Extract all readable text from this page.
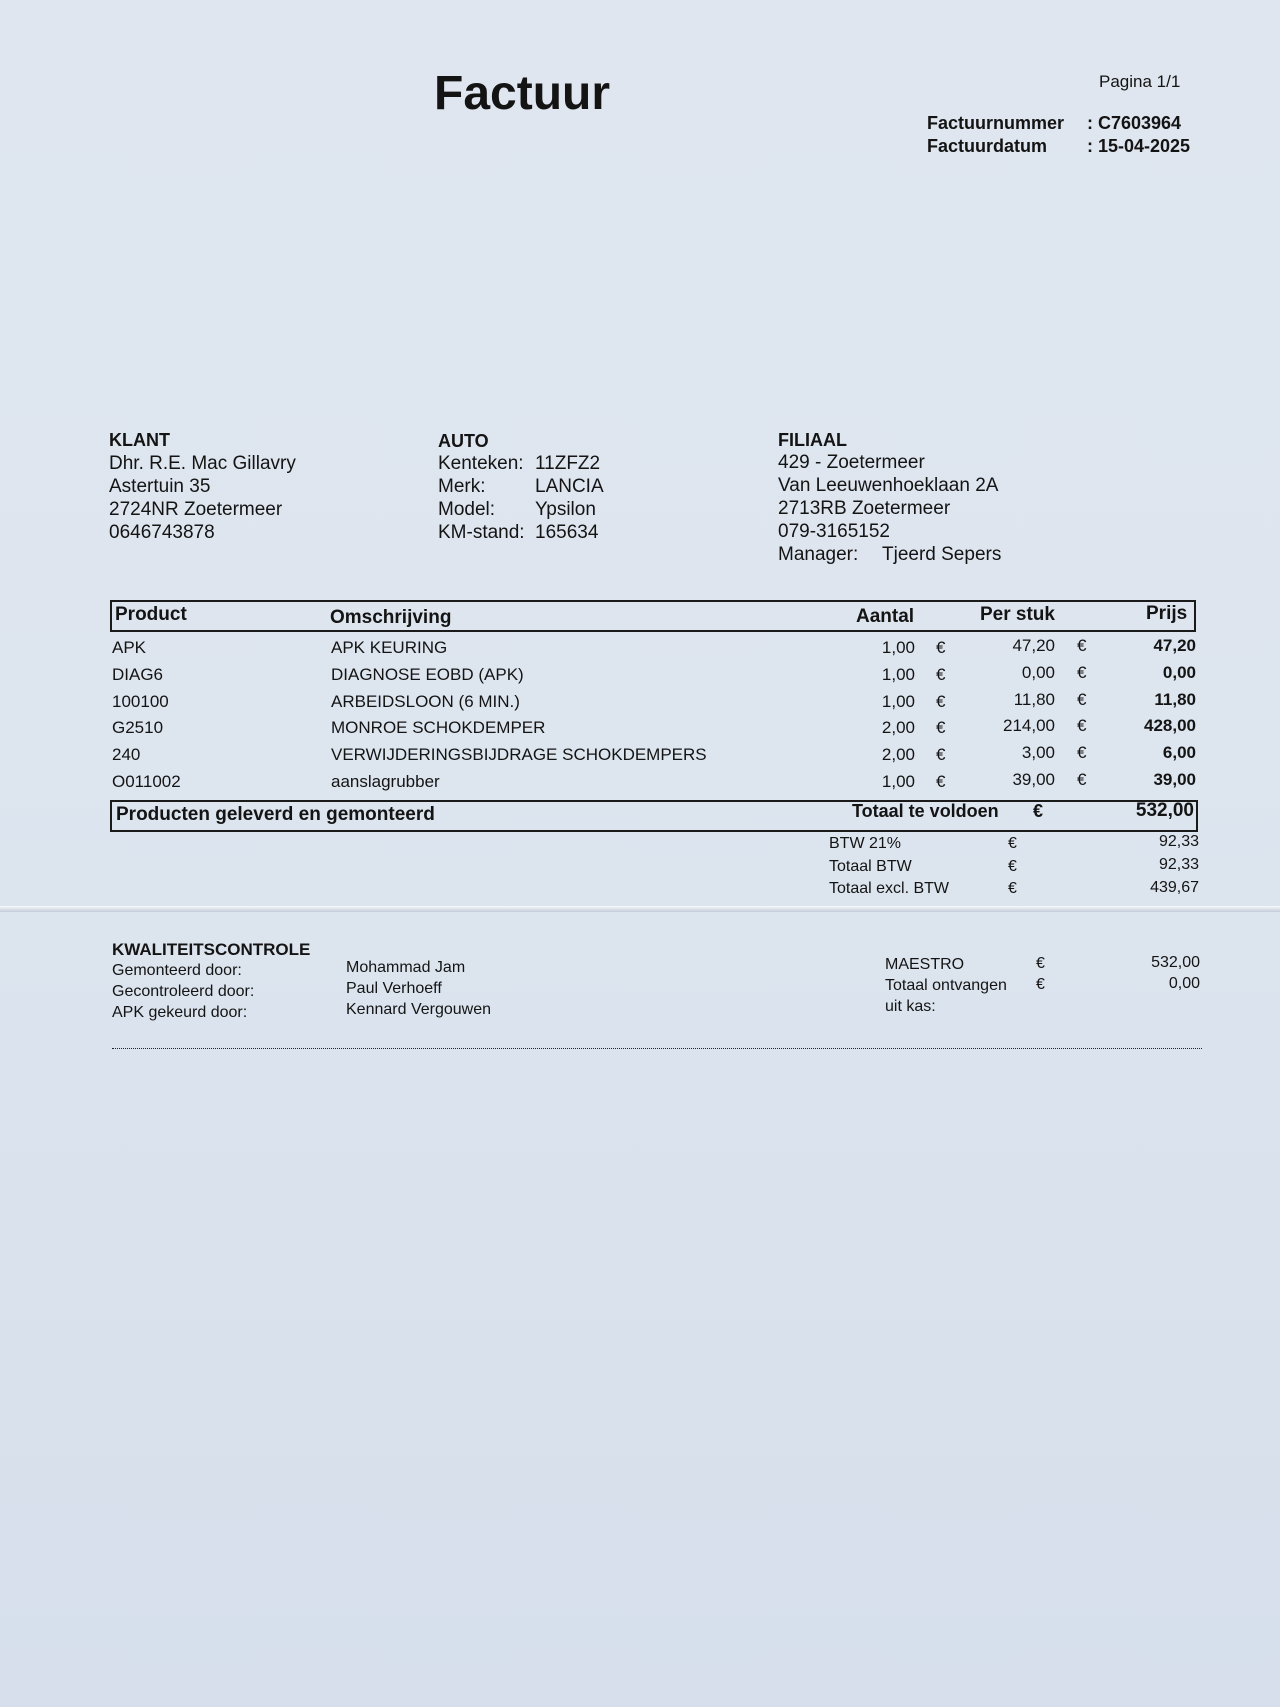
Factuur	Pagina 1/1
Factuurnummer : C7603964
Factuurdatum : 15-04-2025
KLANT
Dhr. R.E. Mac Gillavry
Astertuin 35
2724NR Zoetermeer
0646743878
AUTO
Kenteken: 11ZFZ2
Merk:	LANCIA
Model: Ypsilon
KM-stand: 165634
FILIAAL
429 - Zoetermeer
Van Leeuwenhoeklaan 2A
2713RB Zoetermeer
079-3165152
Manager: Tjeerd Sepers
Product	Omschrijving	Aantal	Per stuk	Prijs
APK	APK KEURING	1,00 €	47,20 €	47,20
DIAG6	DIAGNOSE EOBD (APK)	1,00 €	0,00 €	0,00
100100	ARBEIDSLOON (6 MIN.)	1,00 €	11,80 €	11,80
G2510	MONROE SCHOKDEMPER	2,00 €	214,00 €	428,00
240	VERWIJDERINGSBIJDRAGE SCHOKDEMPERS	2,00 €	3,00 €	6,00
O011002	aanslagrubber	1,00 €	39,00 €	39,00
Producten geleverd en gemonteerd	Totaal te voldoen €	532,00
BTW 21%	€	92,33
Totaal BTW	€	92,33
Totaal excl. BTW	€	439,67
KWALITEITSCONTROLE
Gemonteerd door:	Mohammad Jam
Gecontroleerd door:	Paul Verhoeff
APK gekeurd door:	Kennard Vergouwen
MAESTRO	€	532,00
Totaal ontvangen
uit kas:
€	0,00
